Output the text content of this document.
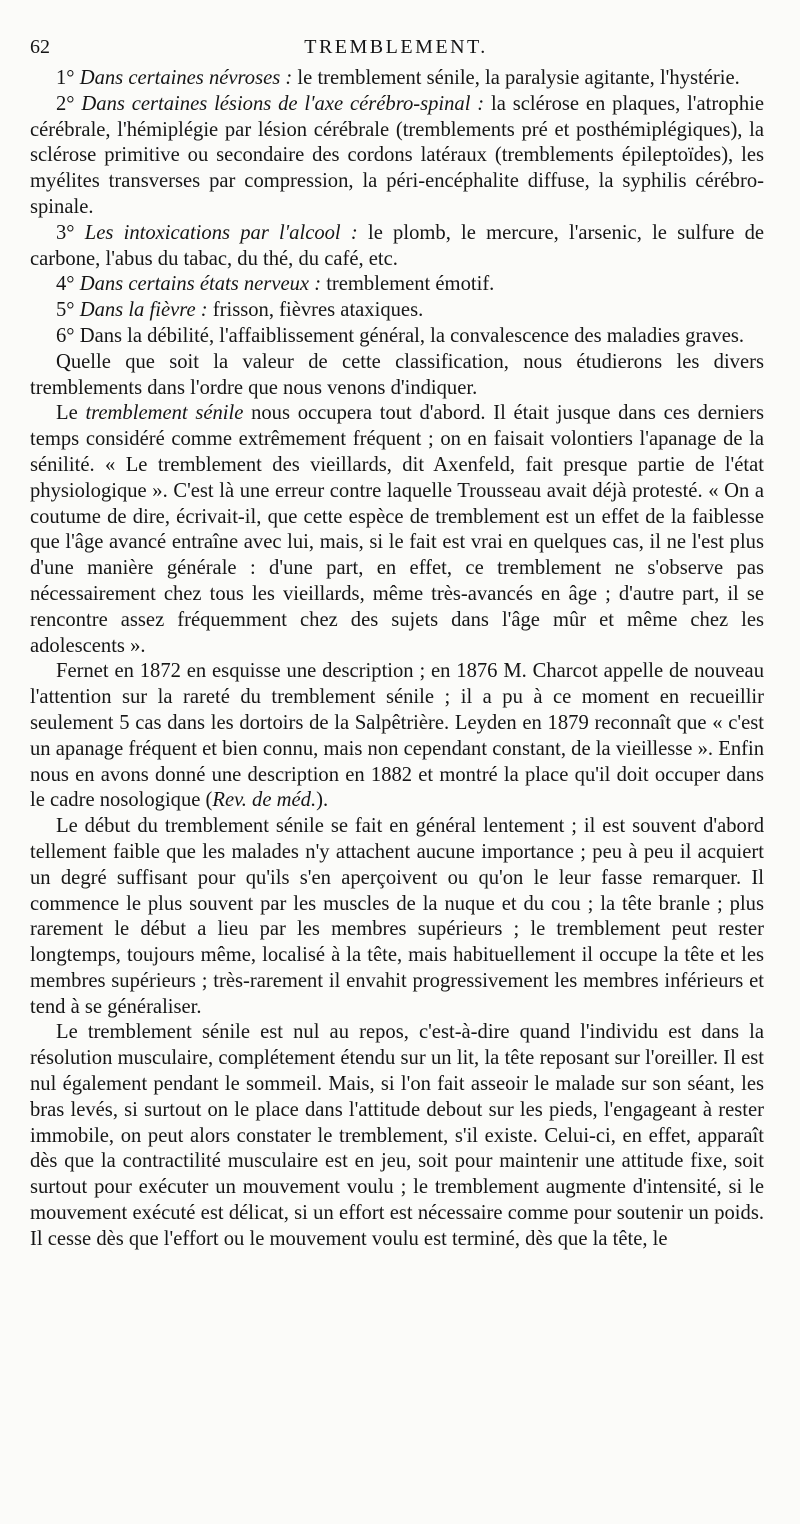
62	TREMBLEMENT.

1° Dans certaines névroses : le tremblement sénile, la paralysie agitante, l'hystérie.

2° Dans certaines lésions de l'axe cérébro-spinal : la sclérose en plaques, l'atrophie cérébrale, l'hémiplégie par lésion cérébrale (tremblements pré et posthémiplégiques), la sclérose primitive ou secondaire des cordons latéraux (tremblements épileptoïdes), les myélites transverses par compression, la péri-encéphalite diffuse, la syphilis cérébro-spinale.

3° Les intoxications par l'alcool : le plomb, le mercure, l'arsenic, le sulfure de carbone, l'abus du tabac, du thé, du café, etc.

4° Dans certains états nerveux : tremblement émotif.

5° Dans la fièvre : frisson, fièvres ataxiques.

6° Dans la débilité, l'affaiblissement général, la convalescence des maladies graves.

Quelle que soit la valeur de cette classification, nous étudierons les divers tremblements dans l'ordre que nous venons d'indiquer.

Le tremblement sénile nous occupera tout d'abord. Il était jusque dans ces derniers temps considéré comme extrêmement fréquent ; on en faisait volontiers l'apanage de la sénilité. « Le tremblement des vieillards, dit Axenfeld, fait presque partie de l'état physiologique ». C'est là une erreur contre laquelle Trousseau avait déjà protesté. « On a coutume de dire, écrivait-il, que cette espèce de tremblement est un effet de la faiblesse que l'âge avancé entraîne avec lui, mais, si le fait est vrai en quelques cas, il ne l'est plus d'une manière générale : d'une part, en effet, ce tremblement ne s'observe pas nécessairement chez tous les vieillards, même très-avancés en âge ; d'autre part, il se rencontre assez fréquemment chez des sujets dans l'âge mûr et même chez les adolescents ».

Fernet en 1872 en esquisse une description ; en 1876 M. Charcot appelle de nouveau l'attention sur la rareté du tremblement sénile ; il a pu à ce moment en recueillir seulement 5 cas dans les dortoirs de la Salpêtrière. Leyden en 1879 reconnaît que « c'est un apanage fréquent et bien connu, mais non cependant constant, de la vieillesse ». Enfin nous en avons donné une description en 1882 et montré la place qu'il doit occuper dans le cadre nosologique (Rev. de méd.).

Le début du tremblement sénile se fait en général lentement ; il est souvent d'abord tellement faible que les malades n'y attachent aucune importance ; peu à peu il acquiert un degré suffisant pour qu'ils s'en aperçoivent ou qu'on le leur fasse remarquer. Il commence le plus souvent par les muscles de la nuque et du cou ; la tête branle ; plus rarement le début a lieu par les membres supérieurs ; le tremblement peut rester longtemps, toujours même, localisé à la tête, mais habituellement il occupe la tête et les membres supérieurs ; très-rarement il envahit progressivement les membres inférieurs et tend à se généraliser.

Le tremblement sénile est nul au repos, c'est-à-dire quand l'individu est dans la résolution musculaire, complétement étendu sur un lit, la tête reposant sur l'oreiller. Il est nul également pendant le sommeil. Mais, si l'on fait asseoir le malade sur son séant, les bras levés, si surtout on le place dans l'attitude debout sur les pieds, l'engageant à rester immobile, on peut alors constater le tremblement, s'il existe. Celui-ci, en effet, apparaît dès que la contractilité musculaire est en jeu, soit pour maintenir une attitude fixe, soit surtout pour exécuter un mouvement voulu ; le tremblement augmente d'intensité, si le mouvement exécuté est délicat, si un effort est nécessaire comme pour soutenir un poids. Il cesse dès que l'effort ou le mouvement voulu est terminé, dès que la tête, le
